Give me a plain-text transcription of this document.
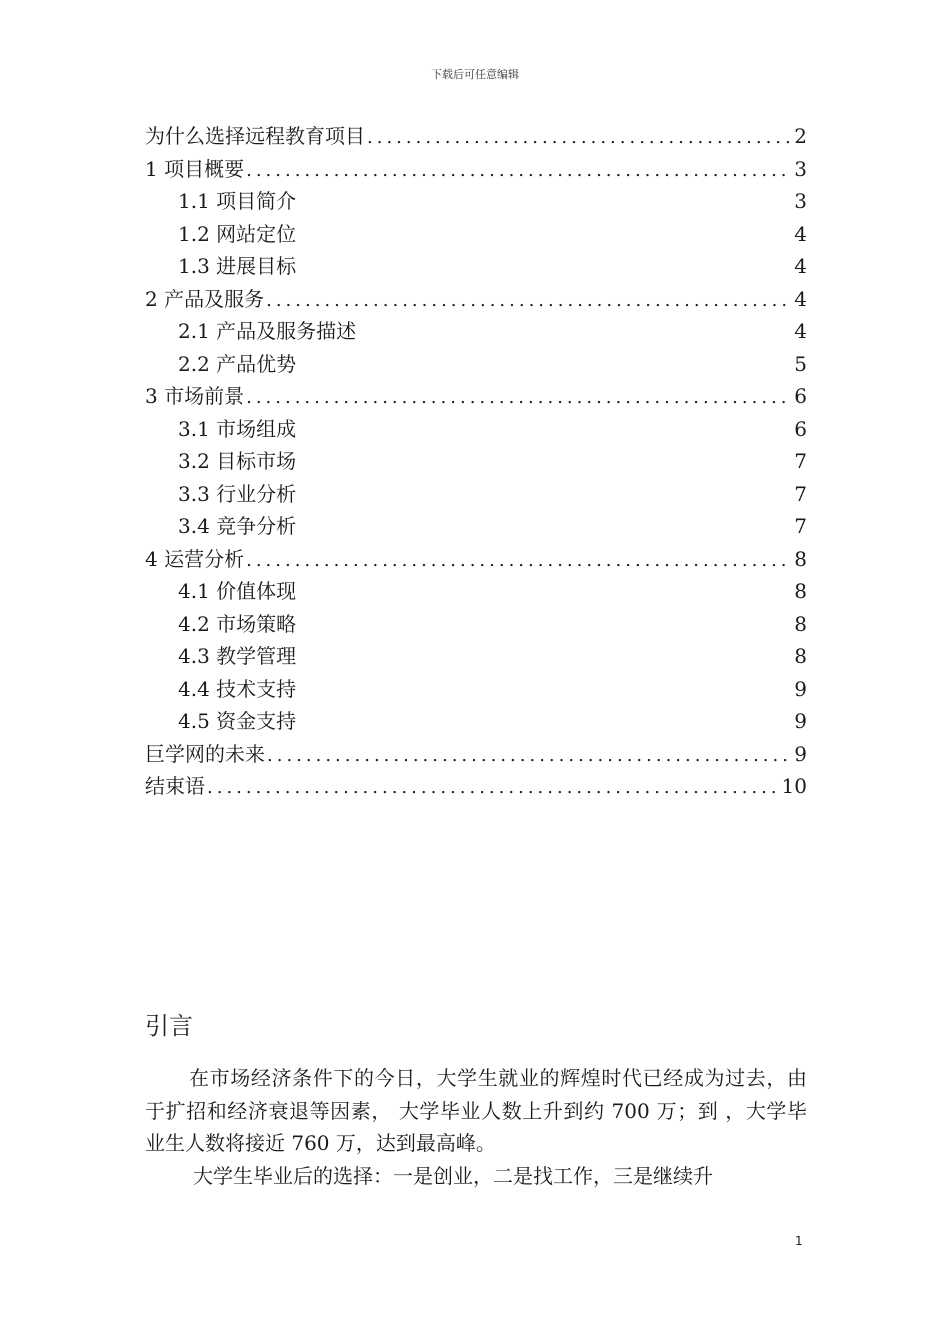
下载后可任意编辑
为什么选择远程教育项目 .....	2
1 项目概要 .....	3
1.1 项目简介	3
1.2 网站定位	4
1.3 进展目标	4
2 产品及服务 .....	4
2.1 产品及服务描述	4
2.2 产品优势	5
3 市场前景 .....	6
3.1 市场组成	6
3.2 目标市场	7
3.3 行业分析	7
3.4 竞争分析	7
4 运营分析 .....	8
4.1 价值体现	8
4.2 市场策略	8
4.3 教学管理	8
4.4 技术支持	9
4.5 资金支持	9
巨学网的未来 .....	9
结束语 .....	10
引言

在市场经济条件下的今日，大学生就业的辉煌时代已经成为过去，由于扩招和经济衰退等因素， 大学毕业人数上升到约 700 万；到 ，大学毕业生人数将接近 760 万，达到最高峰。

大学生毕业后的选择：一是创业，二是找工作，三是继续升

1
